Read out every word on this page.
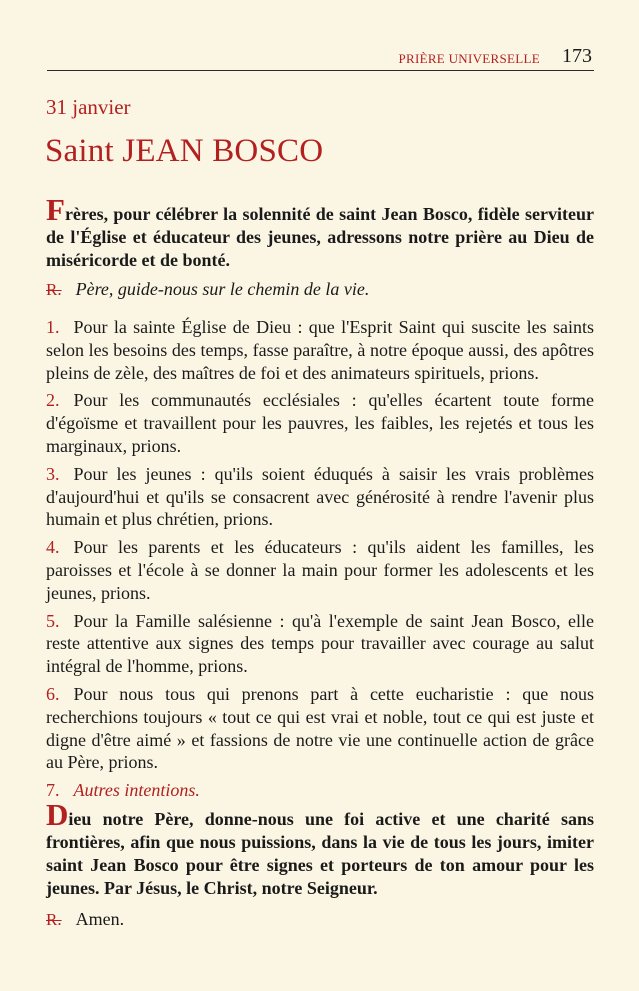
PRIÈRE UNIVERSELLE 173
31 janvier
Saint JEAN BOSCO
Frères, pour célébrer la solennité de saint Jean Bosco, fidèle serviteur de l'Église et éducateur des jeunes, adressons notre prière au Dieu de miséricorde et de bonté.
R. Père, guide-nous sur le chemin de la vie.
1. Pour la sainte Église de Dieu : que l'Esprit Saint qui suscite les saints selon les besoins des temps, fasse paraître, à notre époque aussi, des apôtres pleins de zèle, des maîtres de foi et des animateurs spirituels, prions.
2. Pour les communautés ecclésiales : qu'elles écartent toute forme d'égoïsme et travaillent pour les pauvres, les faibles, les rejetés et tous les marginaux, prions.
3. Pour les jeunes : qu'ils soient éduqués à saisir les vrais problèmes d'aujourd'hui et qu'ils se consacrent avec générosité à rendre l'avenir plus humain et plus chrétien, prions.
4. Pour les parents et les éducateurs : qu'ils aident les familles, les paroisses et l'école à se donner la main pour former les adolescents et les jeunes, prions.
5. Pour la Famille salésienne : qu'à l'exemple de saint Jean Bosco, elle reste attentive aux signes des temps pour travailler avec courage au salut intégral de l'homme, prions.
6. Pour nous tous qui prenons part à cette eucharistie : que nous recherchions toujours « tout ce qui est vrai et noble, tout ce qui est juste et digne d'être aimé » et fassions de notre vie une continuelle action de grâce au Père, prions.
7. Autres intentions.
Dieu notre Père, donne-nous une foi active et une charité sans frontières, afin que nous puissions, dans la vie de tous les jours, imiter saint Jean Bosco pour être signes et porteurs de ton amour pour les jeunes. Par Jésus, le Christ, notre Seigneur.
R. Amen.
